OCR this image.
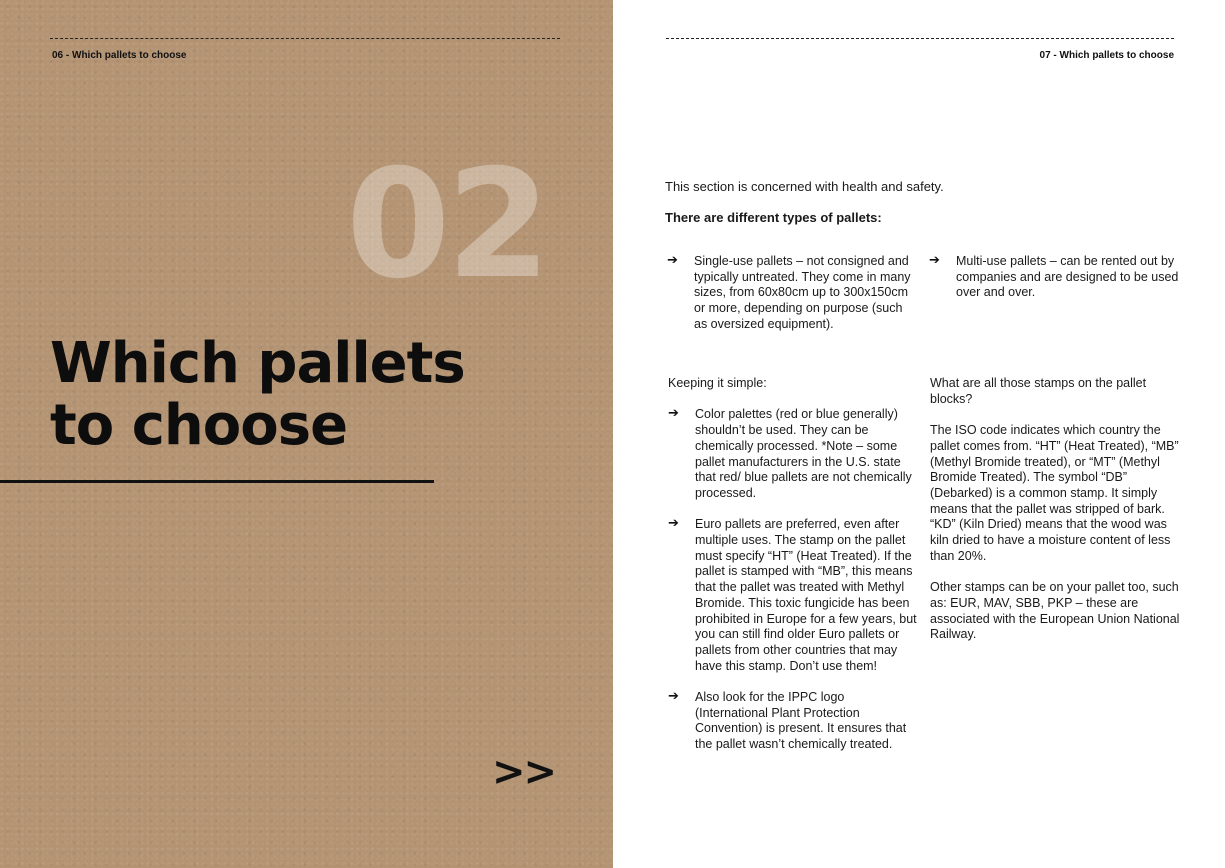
06 - Which pallets to choose
02
Which pallets
to choose
>>
07 - Which pallets to choose

This section is concerned with health and safety.

There are different types of pallets:

➔ Single-use pallets – not consigned and typically untreated. They come in many sizes, from 60x80cm up to 300x150cm or more, depending on purpose (such as oversized equipment).

➔ Multi-use pallets – can be rented out by companies and are designed to be used over and over.

Keeping it simple:

➔ Color palettes (red or blue generally) shouldn’t be used. They can be chemically processed. *Note – some pallet manufacturers in the U.S. state that red/ blue pallets are not chemically processed.

➔ Euro pallets are preferred, even after multiple uses. The stamp on the pallet must specify “HT” (Heat Treated). If the pallet is stamped with “MB”, this means that the pallet was treated with Methyl Bromide. This toxic fungicide has been prohibited in Europe for a few years, but you can still find older Euro pallets or pallets from other countries that may have this stamp. Don’t use them!

➔ Also look for the IPPC logo (International Plant Protection Convention) is present. It ensures that the pallet wasn’t chemically treated.

What are all those stamps on the pallet blocks?

The ISO code indicates which country the pallet comes from. “HT” (Heat Treated), “MB” (Methyl Bromide treated), or “MT” (Methyl Bromide Treated). The symbol “DB” (Debarked) is a common stamp. It simply means that the pallet was stripped of bark. “KD” (Kiln Dried) means that the wood was kiln dried to have a moisture content of less than 20%.

Other stamps can be on your pallet too, such as: EUR, MAV, SBB, PKP – these are associated with the European Union National Railway.
